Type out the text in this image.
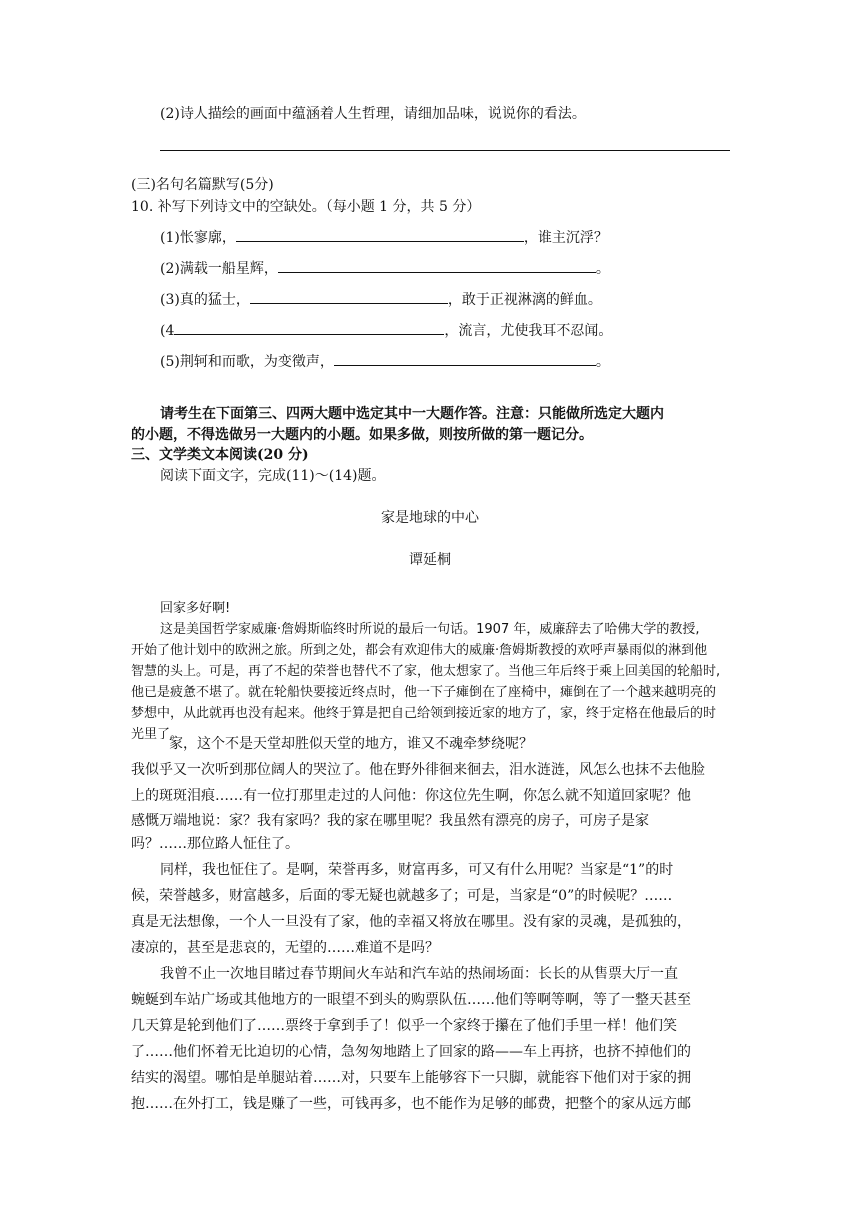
(2)诗人描绘的画面中蕴涵着人生哲理，请细加品味，说说你的看法。
(三)名句名篇默写(5分)
10. 补写下列诗文中的空缺处。（每小题 1 分，共 5 分）
(1)怅寥廓，	，谁主沉浮？
(2)满载一船星辉，	。
(3)真的猛士，	，敢于正视淋漓的鲜血。
(4	，流言，尤使我耳不忍闻。
(5)荆轲和而歌，为变徵声，	。
请考生在下面第三、四两大题中选定其中一大题作答。注意：只能做所选定大题内
的小题，不得选做另一大题内的小题。如果多做，则按所做的第一题记分。
三、文学类文本阅读(20 分)
阅读下面文字，完成(11)～(14)题。
家是地球的中心
谭延桐
回家多好啊!
这是美国哲学家威廉·詹姆斯临终时所说的最后一句话。1907 年，威廉辞去了哈佛大学的教授,
开始了他计划中的欧洲之旅。所到之处，都会有欢迎伟大的威廉·詹姆斯教授的欢呼声暴雨似的淋到他
智慧的头上。可是，再了不起的荣誉也替代不了家，他太想家了。当他三年后终于乘上回美国的轮船时,
他已是疲惫不堪了。就在轮船快要接近终点时，他一下子瘫倒在了座椅中，瘫倒在了一个越来越明亮的
梦想中，从此就再也没有起来。他终于算是把自己给领到接近家的地方了，家，终于定格在他最后的时
光里了。
家，这个不是天堂却胜似天堂的地方，谁又不魂牵梦绕呢？
我似乎又一次听到那位阔人的哭泣了。他在野外徘徊来徊去，泪水涟涟，风怎么也抹不去他脸
上的斑斑泪痕……有一位打那里走过的人问他：你这位先生啊，你怎么就不知道回家呢？他
感慨万端地说：家？我有家吗？我的家在哪里呢？我虽然有漂亮的房子，可房子是家
吗？……那位路人怔住了。
同样，我也怔住了。是啊，荣誉再多，财富再多，可又有什么用呢？当家是“1”的时
候，荣誉越多，财富越多，后面的零无疑也就越多了；可是，当家是“0”的时候呢？……
真是无法想像，一个人一旦没有了家，他的幸福又将放在哪里。没有家的灵魂，是孤独的，
凄凉的，甚至是悲哀的，无望的……难道不是吗？
我曾不止一次地目睹过春节期间火车站和汽车站的热闹场面：长长的从售票大厅一直
蜿蜒到车站广场或其他地方的一眼望不到头的购票队伍……他们等啊等啊，等了一整天甚至
几天算是轮到他们了……票终于拿到手了！似乎一个家终于攥在了他们手里一样！他们笑
了……他们怀着无比迫切的心情，急匆匆地踏上了回家的路——车上再挤，也挤不掉他们的
结实的渴望。哪怕是单腿站着……对，只要车上能够容下一只脚，就能容下他们对于家的拥
抱……在外打工，钱是赚了一些，可钱再多，也不能作为足够的邮费，把整个的家从远方邮
